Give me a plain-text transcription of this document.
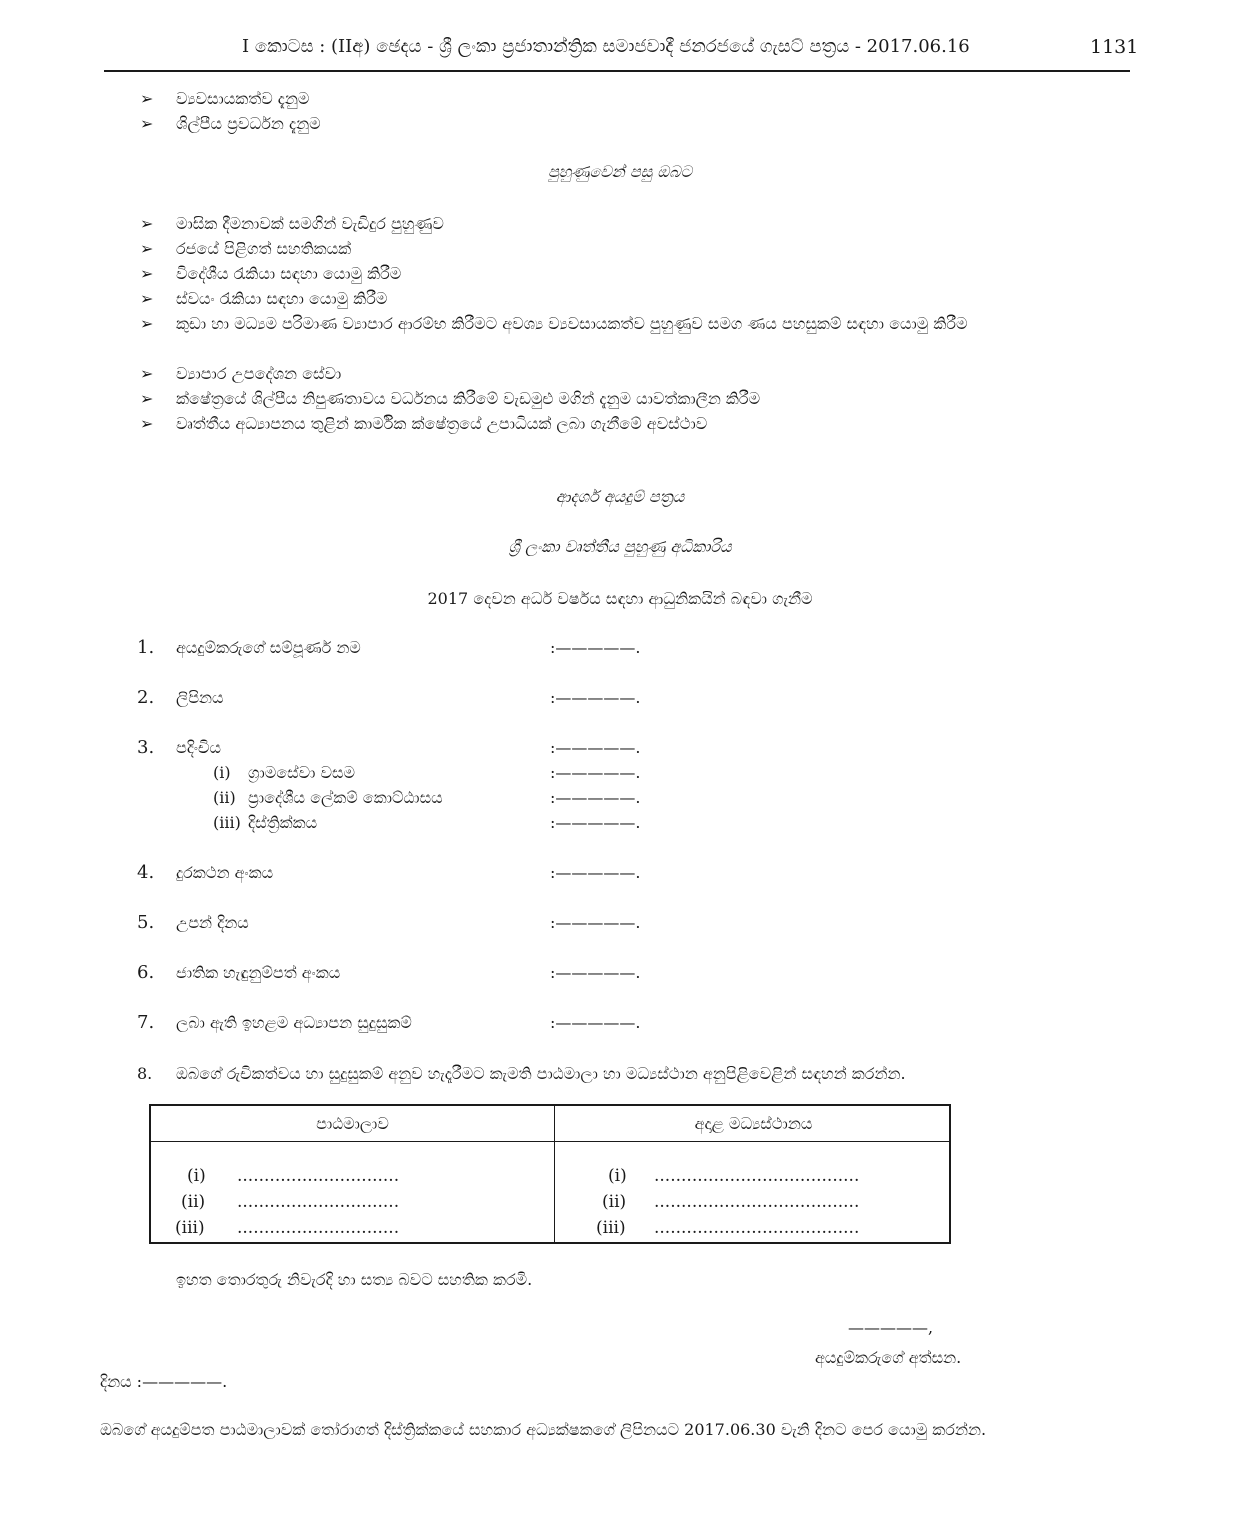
I කොටස : (IIඅ) ඡෙදය - ශ්‍රී ලංකා ප්‍රජාතාන්ත්‍රික සමාජවාදී ජනරජයේ ගැසට් පත්‍රය - 2017.06.16	1131
➢	ව්‍යවසායකත්ව දැනුම
➢	ශිල්පීය ප්‍රවර්ධන දැනුම
පුහුණුවෙන් පසු ඔබට
➢	මාසික දීමනාවක් සමගින් වැඩිදුර පුහුණුව
➢	රජයේ පිළිගත් සහතිකයක්
➢	විදේශීය රැකියා සඳහා යොමු කිරීම
➢	ස්වයං රැකියා සඳහා යොමු කිරීම
➢	කුඩා හා මධ්‍යම පරිමාණ ව්‍යාපාර ආරම්භ කිරීමට අවශ්‍ය ව්‍යවසායකත්ව පුහුණුව සමග ණය පහසුකම් සඳහා යොමු කිරීම
➢	ව්‍යාපාර උපදේශන සේවා
➢	ක්ෂේත්‍රයේ ශිල්පීය නිපුණතාවය වර්ධනය කිරීමේ වැඩමුළු මගින් දැනුම යාවත්කාලීන කිරීම
➢	වෘත්තීය අධ්‍යාපනය තුළින් කාර්මික ක්ෂේත්‍රයේ උපාධියක් ලබා ගැනීමේ අවස්ථාව
ආදර්ශ අයදුම් පත්‍රය
ශ්‍රී ලංකා වෘත්තීය පුහුණු අධිකාරිය
2017 දෙවන අර්ධ වර්ෂය සඳහා ආධුනිකයින් බඳවා ගැනීම
1. අයදුම්කරුගේ සම්පූර්ණ නම	:—————.
2. ලිපිනය	:—————.
3. පදිංචිය	:—————.
(i) ග්‍රාමසේවා වසම	:—————.
(ii) ප්‍රාදේශීය ලේකම් කොට්ඨාසය	:—————.
(iii) දිස්ත්‍රික්කය	:—————.
4. දුරකථන අංකය	:—————.
5. උපන් දිනය	:—————.
6. ජාතික හැඳුනුම්පත් අංකය	:—————.
7. ලබා ඇති ඉහළම අධ්‍යාපන සුදුසුකම්	:—————.
8. ඔබගේ රුචිකත්වය හා සුදුසුකම් අනුව හැදෑරීමට කැමති පාඨමාලා හා මධ්‍යස්ථාන අනුපිළිවෙළින් සඳහන් කරන්න.
පාඨමාලාව	අදාළ මධ්‍යස්ථානය
(i) ..............................	(i) ......................................
(ii) ..............................	(ii) ......................................
(iii) ..............................	(iii) ......................................
ඉහත තොරතුරු නිවැරදි හා සත්‍ය බවට සහතික කරමි.
—————,
අයදුම්කරුගේ අත්සන.
දිනය :—————.
ඔබගේ අයදුම්පත පාඨමාලාවක් තෝරාගත් දිස්ත්‍රික්කයේ සහකාර අධ්‍යක්ෂකගේ ලිපිනයට 2017.06.30 වැනි දිනට පෙර යොමු කරන්න.
